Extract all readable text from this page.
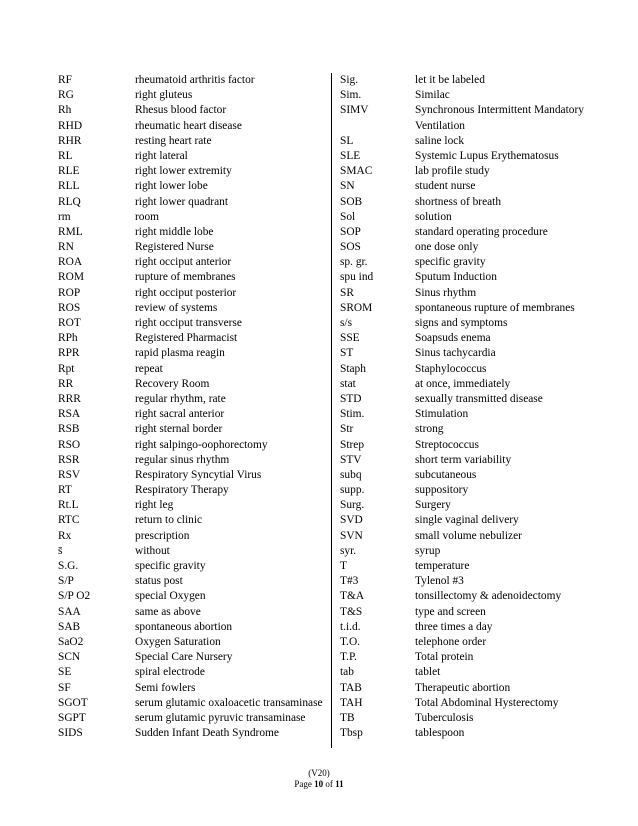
RF	rheumatoid arthritis factor
RG	right gluteus
Rh	Rhesus blood factor
RHD	rheumatic heart disease
RHR	resting heart rate
RL	right lateral
RLE	right lower extremity
RLL	right lower lobe
RLQ	right lower quadrant
rm	room
RML	right middle lobe
RN	Registered Nurse
ROA	right occiput anterior
ROM	rupture of membranes
ROP	right occiput posterior
ROS	review of systems
ROT	right occiput transverse
RPh	Registered Pharmacist
RPR	rapid plasma reagin
Rpt	repeat
RR	Recovery Room
RRR	regular rhythm, rate
RSA	right sacral anterior
RSB	right sternal border
RSO	right salpingo-oophorectomy
RSR	regular sinus rhythm
RSV	Respiratory Syncytial Virus
RT	Respiratory Therapy
Rt.L	right leg
RTC	return to clinic
Rx	prescription
s̄	without
S.G.	specific gravity
S/P	status post
S/P O2	special Oxygen
SAA	same as above
SAB	spontaneous abortion
SaO2	Oxygen Saturation
SCN	Special Care Nursery
SE	spiral electrode
SF	Semi fowlers
SGOT	serum glutamic oxaloacetic transaminase
SGPT	serum glutamic pyruvic transaminase
SIDS	Sudden Infant Death Syndrome
Sig.	let it be labeled
Sim.	Similac
SIMV	Synchronous Intermittent Mandatory
Ventilation
SL	saline lock
SLE	Systemic Lupus Erythematosus
SMAC	lab profile study
SN	student nurse
SOB	shortness of breath
Sol	solution
SOP	standard operating procedure
SOS	one dose only
sp. gr.	specific gravity
spu ind	Sputum Induction
SR	Sinus rhythm
SROM	spontaneous rupture of membranes
s/s	signs and symptoms
SSE	Soapsuds enema
ST	Sinus tachycardia
Staph	Staphylococcus
stat	at once, immediately
STD	sexually transmitted disease
Stim.	Stimulation
Str	strong
Strep	Streptococcus
STV	short term variability
subq	subcutaneous
supp.	suppository
Surg.	Surgery
SVD	single vaginal delivery
SVN	small volume nebulizer
syr.	syrup
T	temperature
T#3	Tylenol #3
T&A	tonsillectomy & adenoidectomy
T&S	type and screen
t.i.d.	three times a day
T.O.	telephone order
T.P.	Total protein
tab	tablet
TAB	Therapeutic abortion
TAH	Total Abdominal Hysterectomy
TB	Tuberculosis
Tbsp	tablespoon
(V20)
Page 10 of 11
